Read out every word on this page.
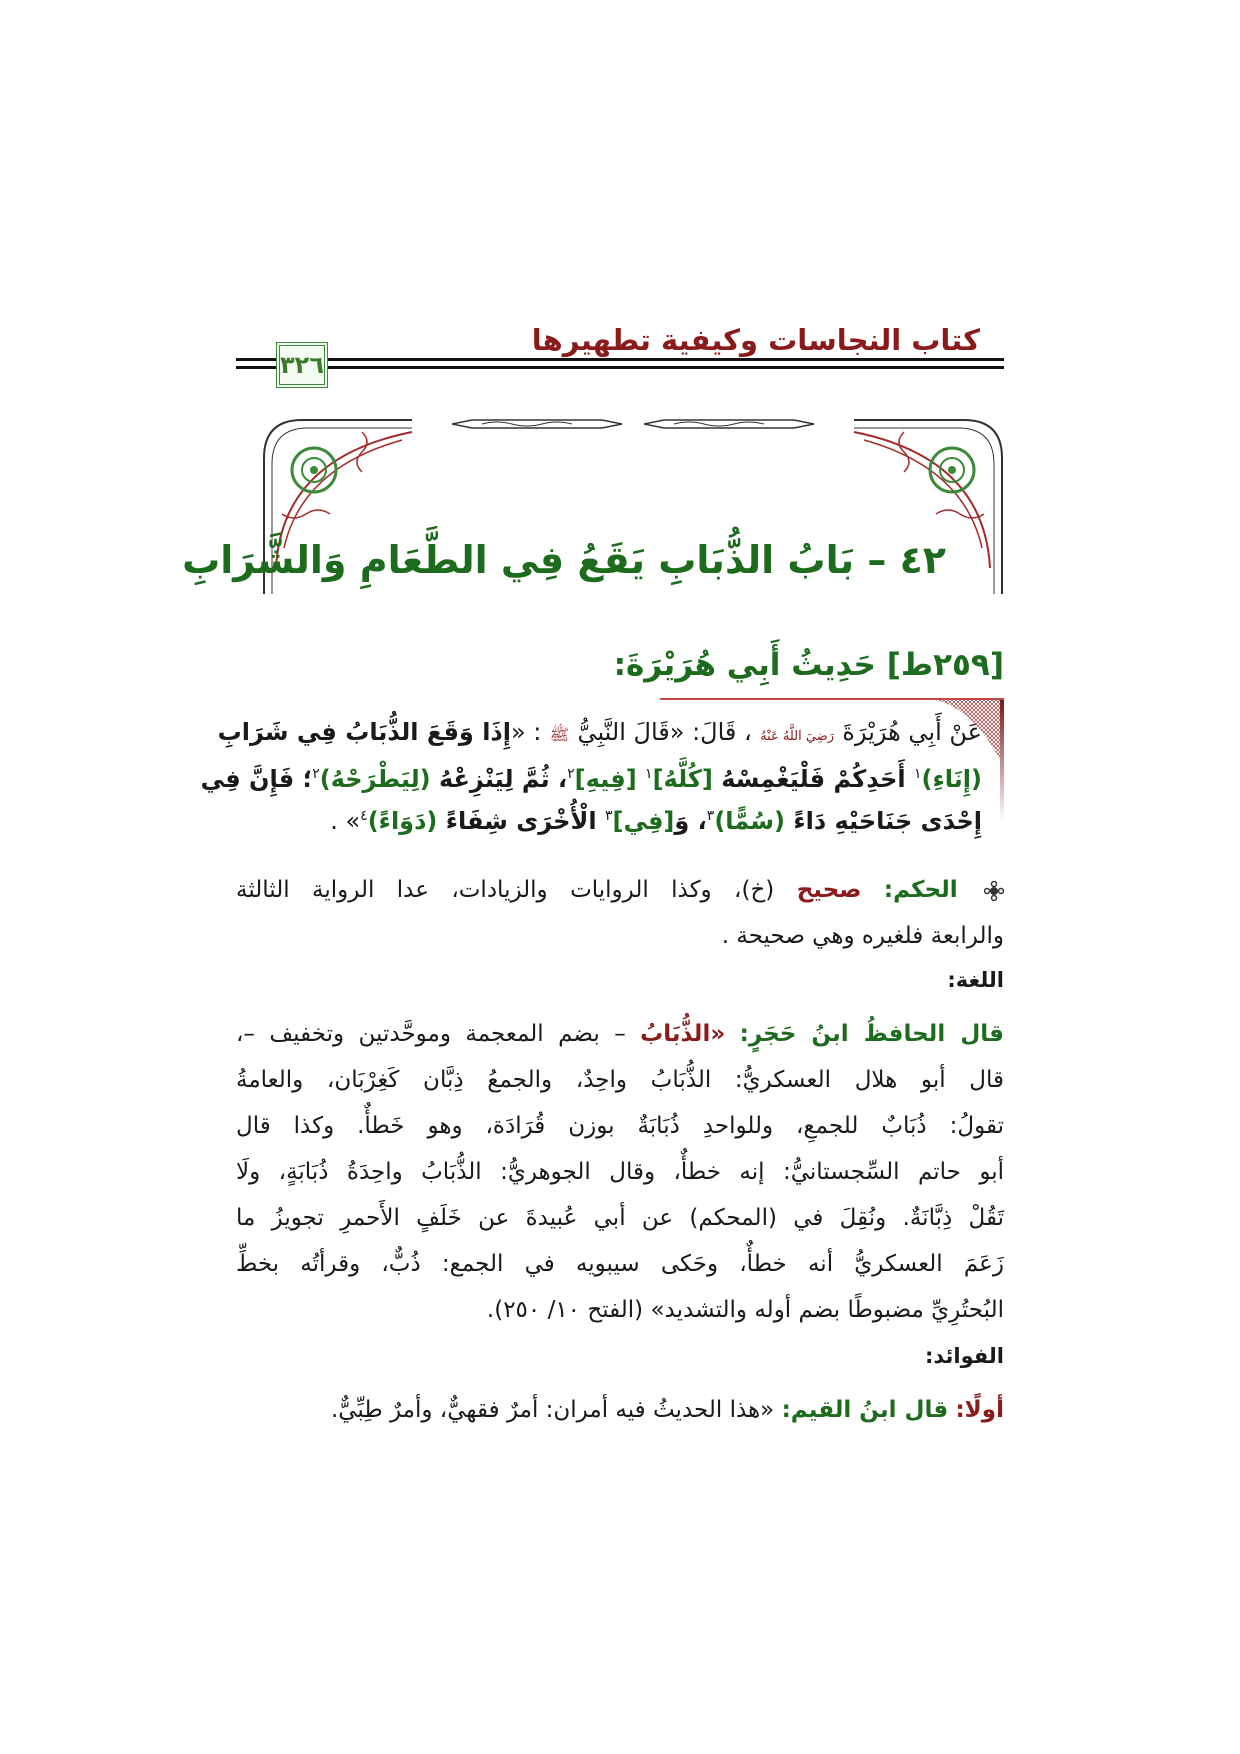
كتاب النجاسات وكيفية تطهيرها
٣٢٦
٤٢ – بَابُ الذُّبَابِ يَقَعُ فِي الطَّعَامِ وَالشَّرَابِ
[٢٥٩ط] حَدِيثُ أَبِي هُرَيْرَةَ:
عَنْ أَبِي هُرَيْرَةَ رَضِيَ اللَّهُ عَنْهُ ، قَالَ: «قَالَ النَّبِيُّ ﷺ : «إِذَا وَقَعَ الذُّبَابُ فِي شَرَابِ
(إِنَاءِ)$^١$ أَحَدِكُمْ فَلْيَغْمِسْهُ [كُلَّهُ]$^١$ [فِيهِ]$^٢$، ثُمَّ لِيَنْزِعْهُ (لِيَطْرَحْهُ)$^٢$؛ فَإِنَّ فِي
إِحْدَى جَنَاحَيْهِ دَاءً (سُمًّا)$^٣$، وَ[فِي]$^٣$ الْأُخْرَى شِفَاءً (دَوَاءً)$^٤$» .
الحكم: صحيح (خ)، وكذا الروايات والزيادات، عدا الرواية الثالثة
والرابعة فلغيره وهي صحيحة .
اللغة:
قال الحافظُ ابنُ حَجَرٍ: «الذُّبَابُ – بضم المعجمة وموحَّدتين وتخفيف –،
قال أبو هلال العسكريُّ: الذُّبَابُ واحِدٌ، والجمعُ ذِبَّان كَغِرْبَان، والعامةُ
تقولُ: ذُبَابٌ للجمعِ، وللواحدِ ذُبَابَةٌ بوزن قُرَادَة، وهو خَطأٌ. وكذا قال
أبو حاتم السِّجستانيُّ: إنه خطأٌ، وقال الجوهريُّ: الذُّبَابُ واحِدَةُ ذُبَابَةٍ، ولَا
تَقُلْ ذِبَّانَةٌ. ونُقِلَ في (المحكم) عن أبي عُبيدةَ عن خَلَفٍ الأَحمرِ تجويزُ ما
زَعَمَ العسكريُّ أنه خطأٌ، وحَكى سيبويه في الجمع: ذُبٌّ، وقرأتُه بخطِّ
البُحتُرِيِّ مضبوطًا بضم أوله والتشديد» (الفتح ١٠/ ٢٥٠).
الفوائد:
أولًا: قال ابنُ القيم: «هذا الحديثُ فيه أمران: أمرٌ فقهيٌّ، وأمرٌ طِبِّيٌّ.
